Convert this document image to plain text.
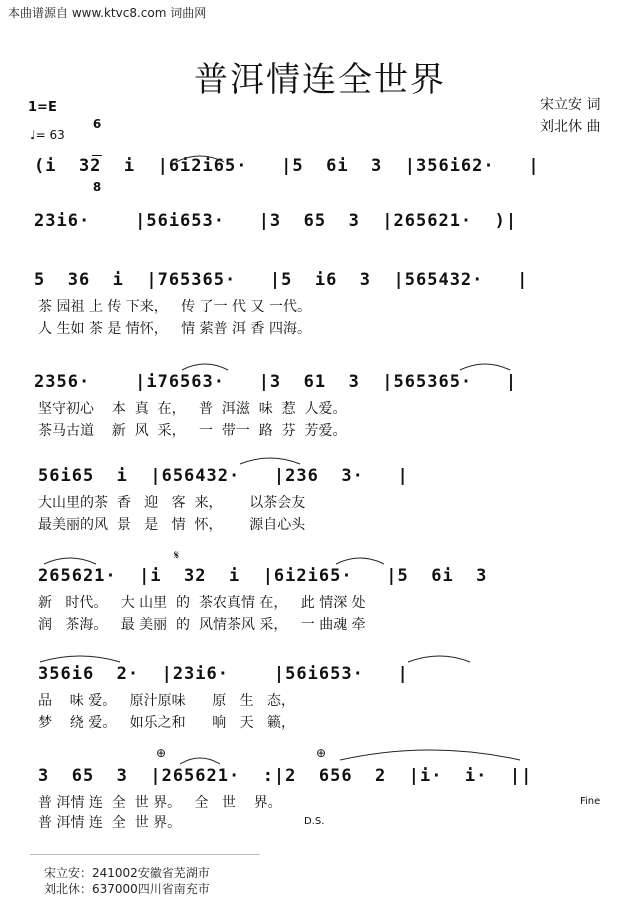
本曲谱源自 www.ktvc8.com 词曲网
普洱情连全世界
1=E

6

8

♩= 63
宋立安 词
刘北休 曲
(i  32  i  |6i2i65·   |5  6i  3  |356i62·   |
23i6·    |56i653·   |3  65  3  |265621·  )|
5  36  i  |765365·   |5  i6  3  |565432·   |
茶 园祖 上 传 下来，   传 了一 代 又 一代。
人 生如 茶 是 情怀，   情 萦普 洱 香 四海。
2356·    |i76563·   |3  61  3  |565365·   |
坚守初心    本  真  在，   普  洱滋  味  惹  人爱。
茶马古道    新  风  采，   一  带一  路  芬  芳爱。
56i65  i  |656432·   |236  3·   |
大山里的茶  香   迎   客  来，      以茶会友
最美丽的风  景   是   情  怀，      源自心头
𝄋
265621·  |i  32  i  |6i2i65·   |5  6i  3
新   时代。   大 山里  的  茶农真情 在，   此 情深 处
润   茶海。   最 美丽  的  风情茶风 采，   一 曲魂 牵
356i6  2·  |23i6·    |56i653·   |
品    味 爱。   原汁原味      原   生   态，
梦    绕 爱。   如乐之和      响   天   籁，
⊕	⊕
3  65  3  |265621·  :|2  656  2  |i·  i·  ||
普 洱情 连  全  世 界。   全   世    界。
普 洱情 连  全  世 界。
Fine
D.S.
宋立安：241002安徽省芜湖市
刘北休：637000四川省南充市
